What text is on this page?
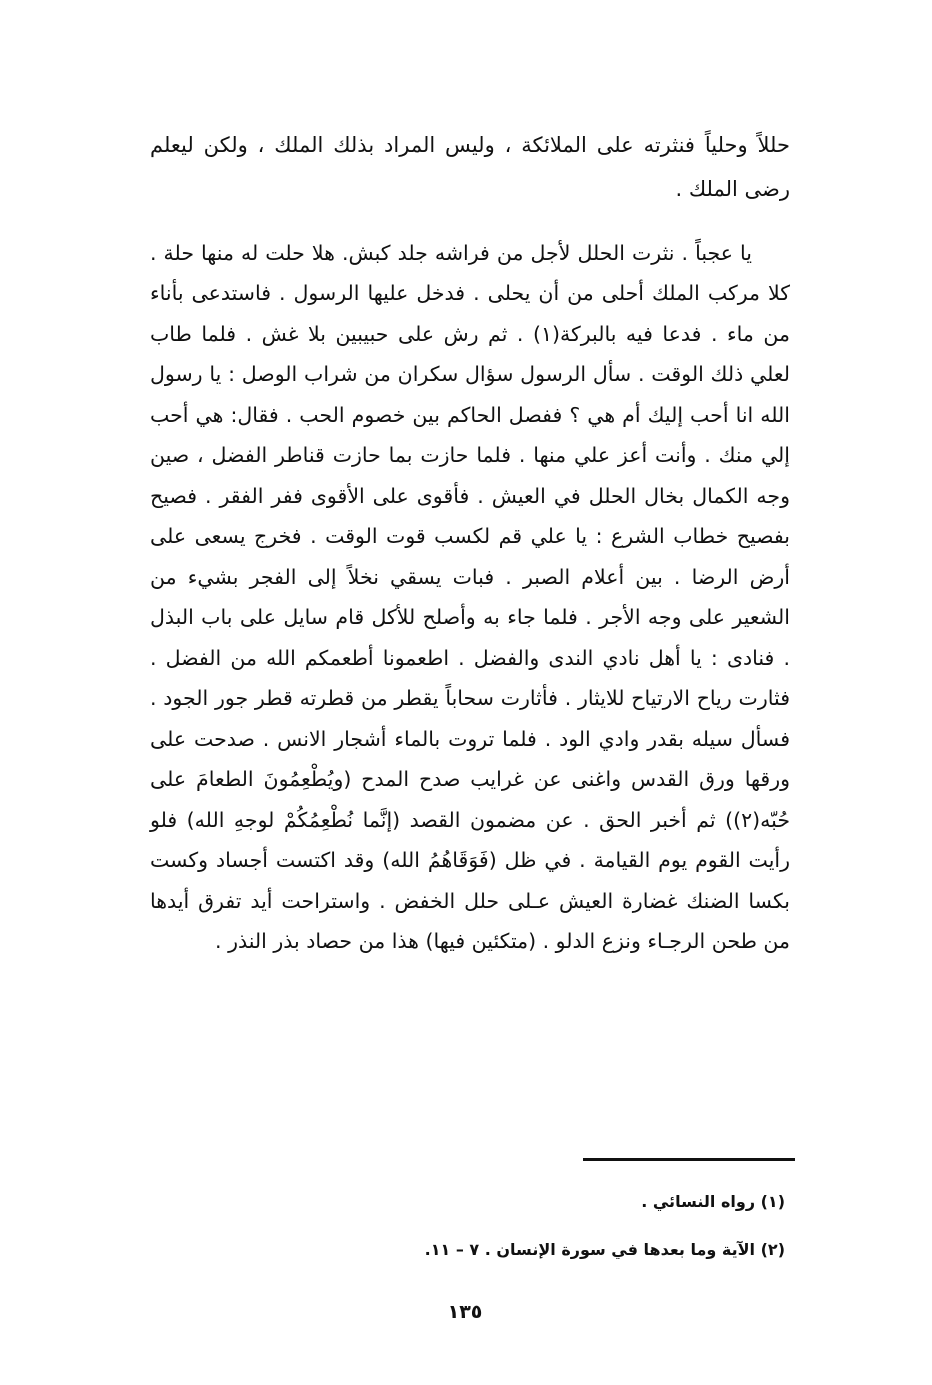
حللاً وحلياً فنثرته على الملائكة ، وليس المراد بذلك الملك ، ولكن ليعلم رضى الملك .

يا عجباً . نثرت الحلل لأجل من فراشه جلد كبش. هلا حلت له منها حلة . كلا مركب الملك أحلى من أن يحلى . فدخل عليها الرسول . فاستدعى بأناء من ماء . فدعا فيه بالبركة(١) . ثم رش على حبيبين بلا غش . فلما طاب لعلي ذلك الوقت . سأل الرسول سؤال سكران من شراب الوصل : يا رسول الله انا أحب إليك أم هي ؟ ففصل الحاكم بين خصوم الحب . فقال: هي أحب إلي منك . وأنت أعز علي منها . فلما حازت بما حازت قناطر الفضل ، صين وجه الكمال بخال الحلل في العيش . فأقوى على الأقوى ففر الفقر . فصيح بفصيح خطاب الشرع : يا علي قم لكسب قوت الوقت . فخرج يسعى على أرض الرضا . بين أعلام الصبر . فبات يسقي نخلاً إلى الفجر بشيء من الشعير على وجه الأجر . فلما جاء به وأصلح للأكل قام سايل على باب البذل . فنادى : يا أهل نادي الندى والفضل . اطعمونا أطعمكم الله من الفضل . فثارت رياح الارتياح للايثار . فأثارت سحاباً يقطر من قطرته قطر جور الجود . فسأل سيله بقدر وادي الود . فلما تروت بالماء أشجار الانس . صدحت على ورقها ورق القدس واغنى عن غرايب صدح المدح (ويُطْعِمُونَ الطعامَ على حُبّه(٢)) ثم أخبر الحق . عن مضمون القصد (إنَّما نُطْعِمُكُمْ لوجهِ الله) فلو رأيت القوم يوم القيامة . في ظل (فَوَقَاهُمُ الله) وقد اكتست أجساد وكست بكسا الضنك غضارة العيش عـلى حلل الخفض . واستراحت أيد تفرق أيدها من طحن الرجـاء ونزع الدلو . (متكئين فيها) هذا من حصاد بذر النذر .

(١) رواه النسائي .
(٢) الآية وما بعدها في سورة الإنسان . ٧ – ١١.
١٣٥
